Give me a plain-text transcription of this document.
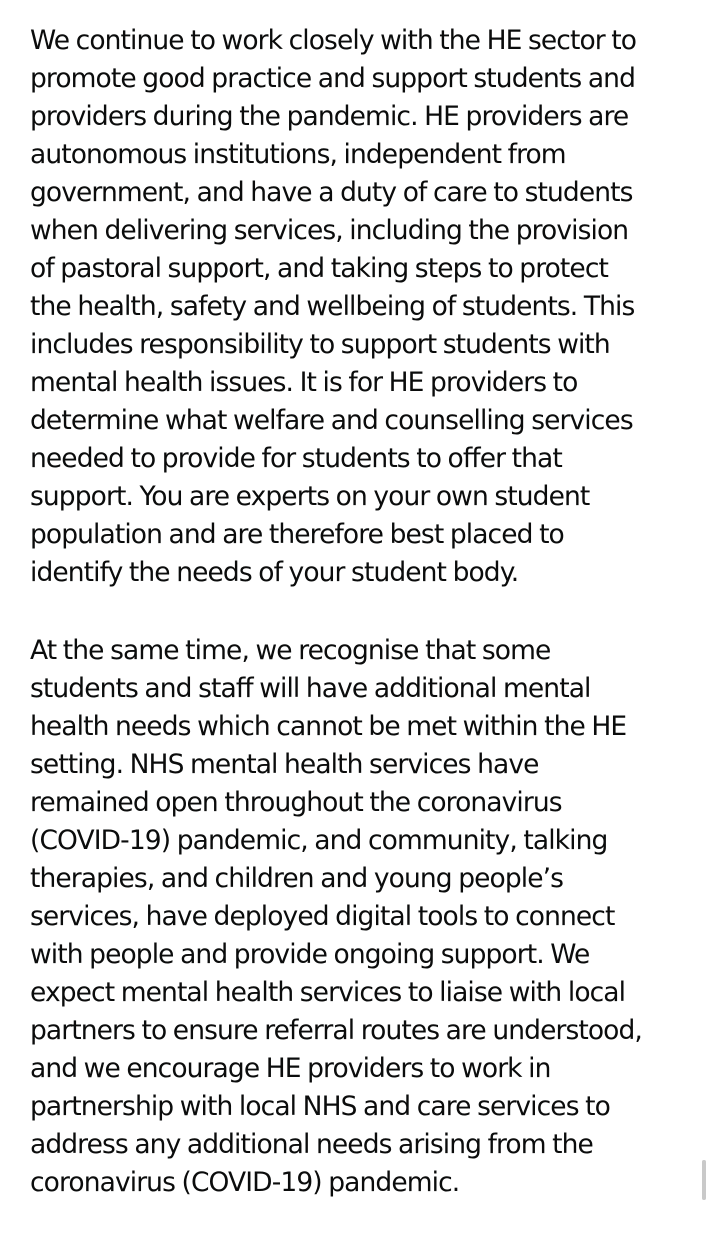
We continue to work closely with the HE sector to
promote good practice and support students and
providers during the pandemic. HE providers are
autonomous institutions, independent from
government, and have a duty of care to students
when delivering services, including the provision
of pastoral support, and taking steps to protect
the health, safety and wellbeing of students. This
includes responsibility to support students with
mental health issues. It is for HE providers to
determine what welfare and counselling services
needed to provide for students to offer that
support. You are experts on your own student
population and are therefore best placed to
identify the needs of your student body.

At the same time, we recognise that some
students and staff will have additional mental
health needs which cannot be met within the HE
setting. NHS mental health services have
remained open throughout the coronavirus
(COVID-19) pandemic, and community, talking
therapies, and children and young people’s
services, have deployed digital tools to connect
with people and provide ongoing support. We
expect mental health services to liaise with local
partners to ensure referral routes are understood,
and we encourage HE providers to work in
partnership with local NHS and care services to
address any additional needs arising from the
coronavirus (COVID-19) pandemic.
